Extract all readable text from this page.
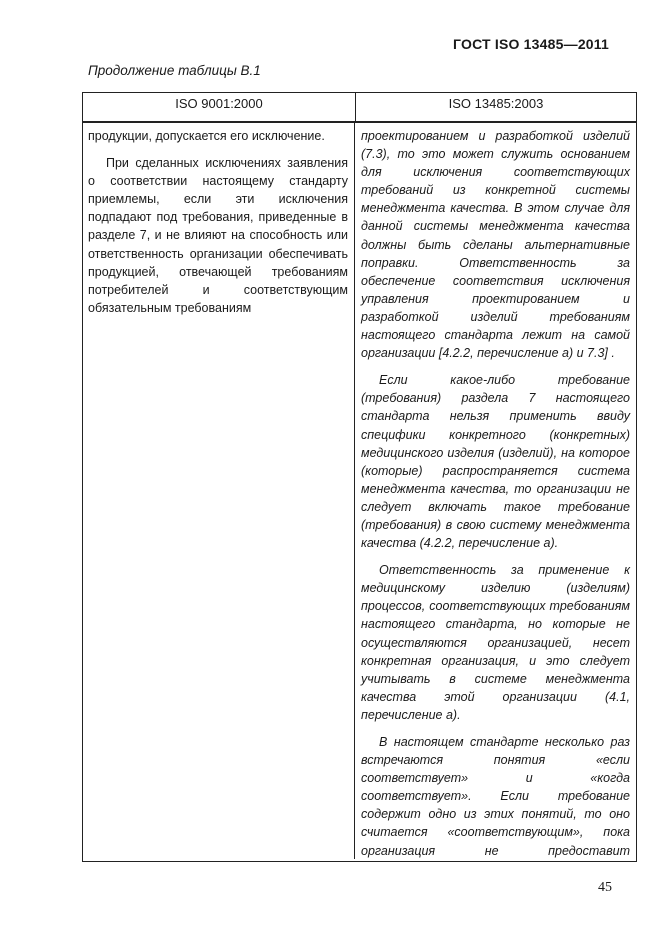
ГОСТ ISO 13485—2011
Продолжение таблицы В.1
ISO 9001:2000	ISO 13485:2003

продукции, допускается его исключение.

При сделанных исключениях заявления о соответствии настоящему стандарту приемлемы, если эти исключения подпадают под требования, приведенные в разделе 7, и не влияют на способность или ответственность организации обеспечивать продукцией, отвечающей требованиям потребителей и соответствующим обязательным требованиям

проектированием и разработкой изделий (7.3), то это может служить основанием для исключения соответствующих требований из конкретной системы менеджмента качества. В этом случае для данной системы менеджмента качества должны быть сделаны альтернативные поправки. Ответственность за обеспечение соответствия исключения управления проектированием и разработкой изделий требованиям настоящего стандарта лежит на самой организации [4.2.2, перечисление а) и 7.3] .

Если какое-либо требование (требования) раздела 7 настоящего стандарта нельзя применить ввиду специфики конкретного (конкретных) медицинского изделия (изделий), на которое (которые) распространяется система менеджмента качества, то организации не следует включать такое требование (требования) в свою систему менеджмента качества (4.2.2, перечисление а).

Ответственность за применение к медицинскому изделию (изделиям) процессов, соответствующих требованиям настоящего стандарта, но которые не осуществляются организацией, несет конкретная организация, и это следует учитывать в системе менеджмента качества этой организации (4.1, перечисление а).

В настоящем стандарте несколько раз встречаются понятия «если соответствует» и «когда соответствует». Если требование содержит одно из этих понятий, то оно считается «соответствующим», пока организация не предоставит

45
